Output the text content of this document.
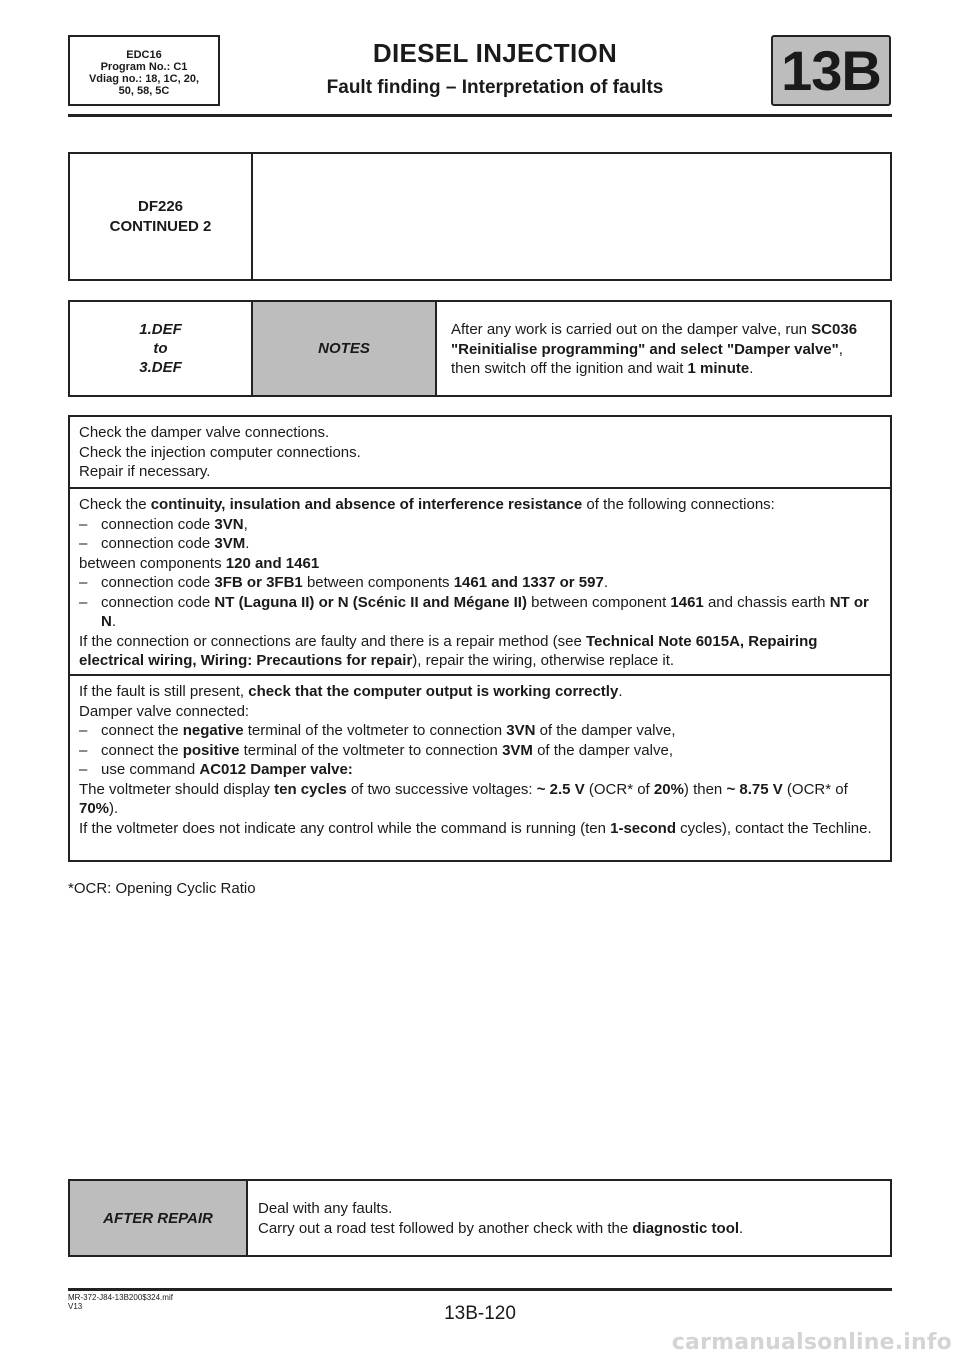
EDC16
Program No.: C1
Vdiag no.: 18, 1C, 20,
50, 58, 5C
DIESEL INJECTION
Fault finding – Interpretation of faults	13B
DF226
CONTINUED 2
1.DEF
to
3.DEF
NOTES
After any work is carried out on the damper valve, run SC036
"Reinitialise programming" and select "Damper valve",
then switch off the ignition and wait 1 minute.
Check the damper valve connections.
Check the injection computer connections.
Repair if necessary.
Check the continuity, insulation and absence of interference resistance of the following connections:
– connection code 3VN,
– connection code 3VM.
between components 120 and 1461
– connection code 3FB or 3FB1 between components 1461 and 1337 or 597.
– connection code NT (Laguna II) or N (Scénic II and Mégane II) between component 1461 and chassis earth NT or N.
If the connection or connections are faulty and there is a repair method (see Technical Note 6015A, Repairing electrical wiring, Wiring: Precautions for repair), repair the wiring, otherwise replace it.
If the fault is still present, check that the computer output is working correctly.
Damper valve connected:
– connect the negative terminal of the voltmeter to connection 3VN of the damper valve,
– connect the positive terminal of the voltmeter to connection 3VM of the damper valve,
– use command AC012 Damper valve:
The voltmeter should display ten cycles of two successive voltages: ~ 2.5 V (OCR* of 20%) then ~ 8.75 V (OCR* of 70%).
If the voltmeter does not indicate any control while the command is running (ten 1-second cycles), contact the Techline.
*OCR: Opening Cyclic Ratio
AFTER REPAIR
Deal with any faults.
Carry out a road test followed by another check with the diagnostic tool.
MR-372-J84-13B200$324.mif
V13	13B-120
carmanualsonline.info
